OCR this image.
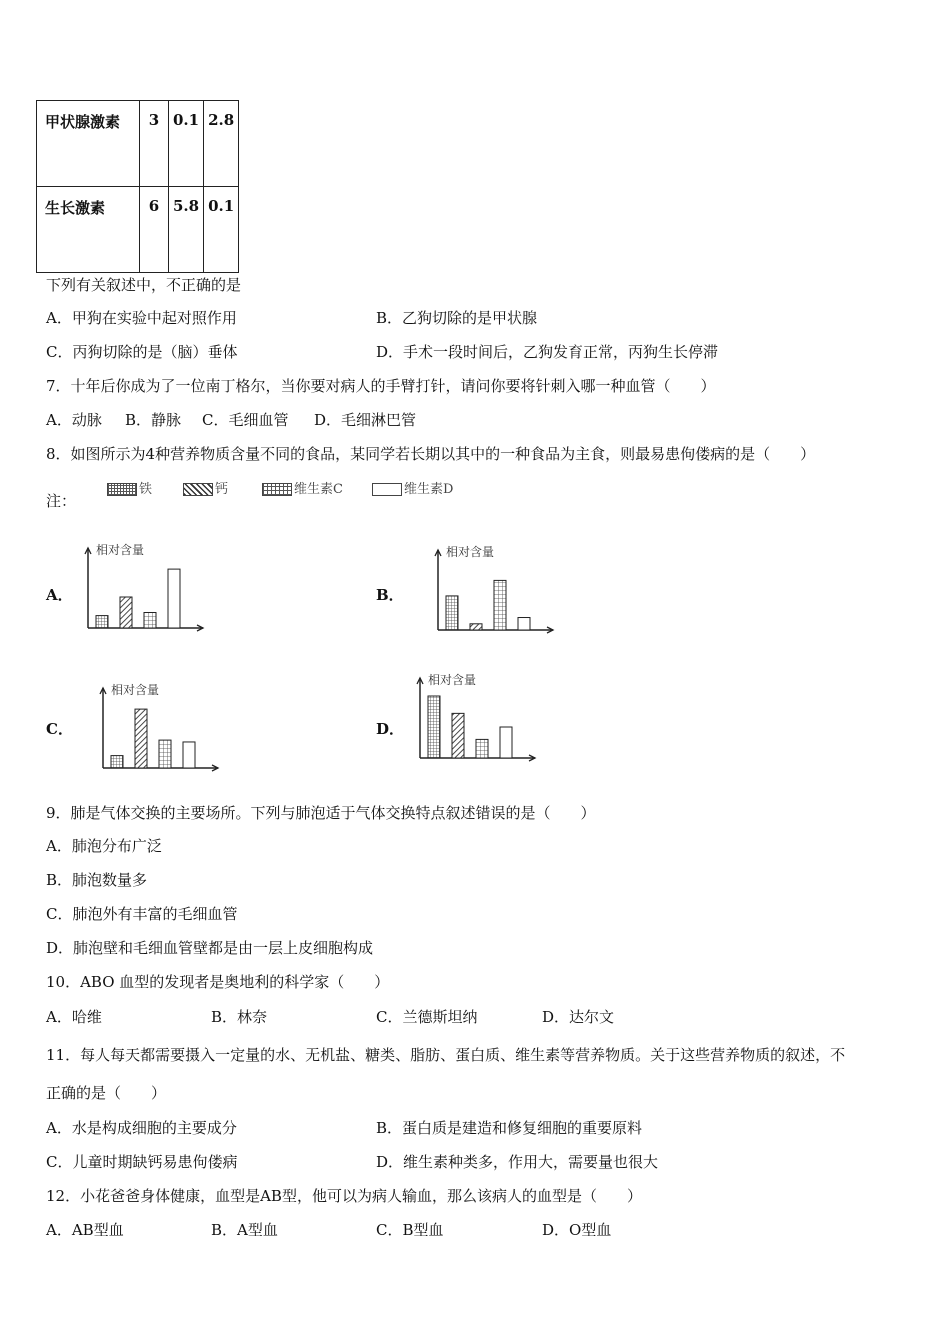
甲状腺激素	3	0.1	2.8
生长激素	6	5.8	0.1
下列有关叙述中，不正确的是
A．甲狗在实验中起对照作用	B．乙狗切除的是甲状腺
C．丙狗切除的是（脑）垂体	D．手术一段时间后，乙狗发育正常，丙狗生长停滞
7．十年后你成为了一位南丁格尔，当你要对病人的手臂打针，请问你要将针刺入哪一种血管（　　）
A．动脉 B．静脉 C．毛细血管 D．毛细淋巴管
8．如图所示为4种营养物质含量不同的食品，某同学若长期以其中的一种食品为主食，则最易患佝偻病的是（　　）
注：
铁	钙	维生素C	维生素D
A．	B．
C．	D．
相对含量	相对含量
相对含量
相对含量
9．肺是气体交换的主要场所。下列与肺泡适于气体交换特点叙述错误的是（　　）
A．肺泡分布广泛
B．肺泡数量多
C．肺泡外有丰富的毛细血管
D．肺泡壁和毛细血管壁都是由一层上皮细胞构成
10．ABO 血型的发现者是奥地利的科学家（　　）
A．哈维	B．林奈	C．兰德斯坦纳	D．达尔文
11．每人每天都需要摄入一定量的水、无机盐、糖类、脂肪、蛋白质、维生素等营养物质。关于这些营养物质的叙述，不
正确的是（　　）
A．水是构成细胞的主要成分	B．蛋白质是建造和修复细胞的重要原料
C．儿童时期缺钙易患佝偻病	D．维生素种类多，作用大，需要量也很大
12．小花爸爸身体健康，血型是AB型，他可以为病人输血，那么该病人的血型是（　　）
A．AB型血	B．A型血	C．B型血	D．O型血
